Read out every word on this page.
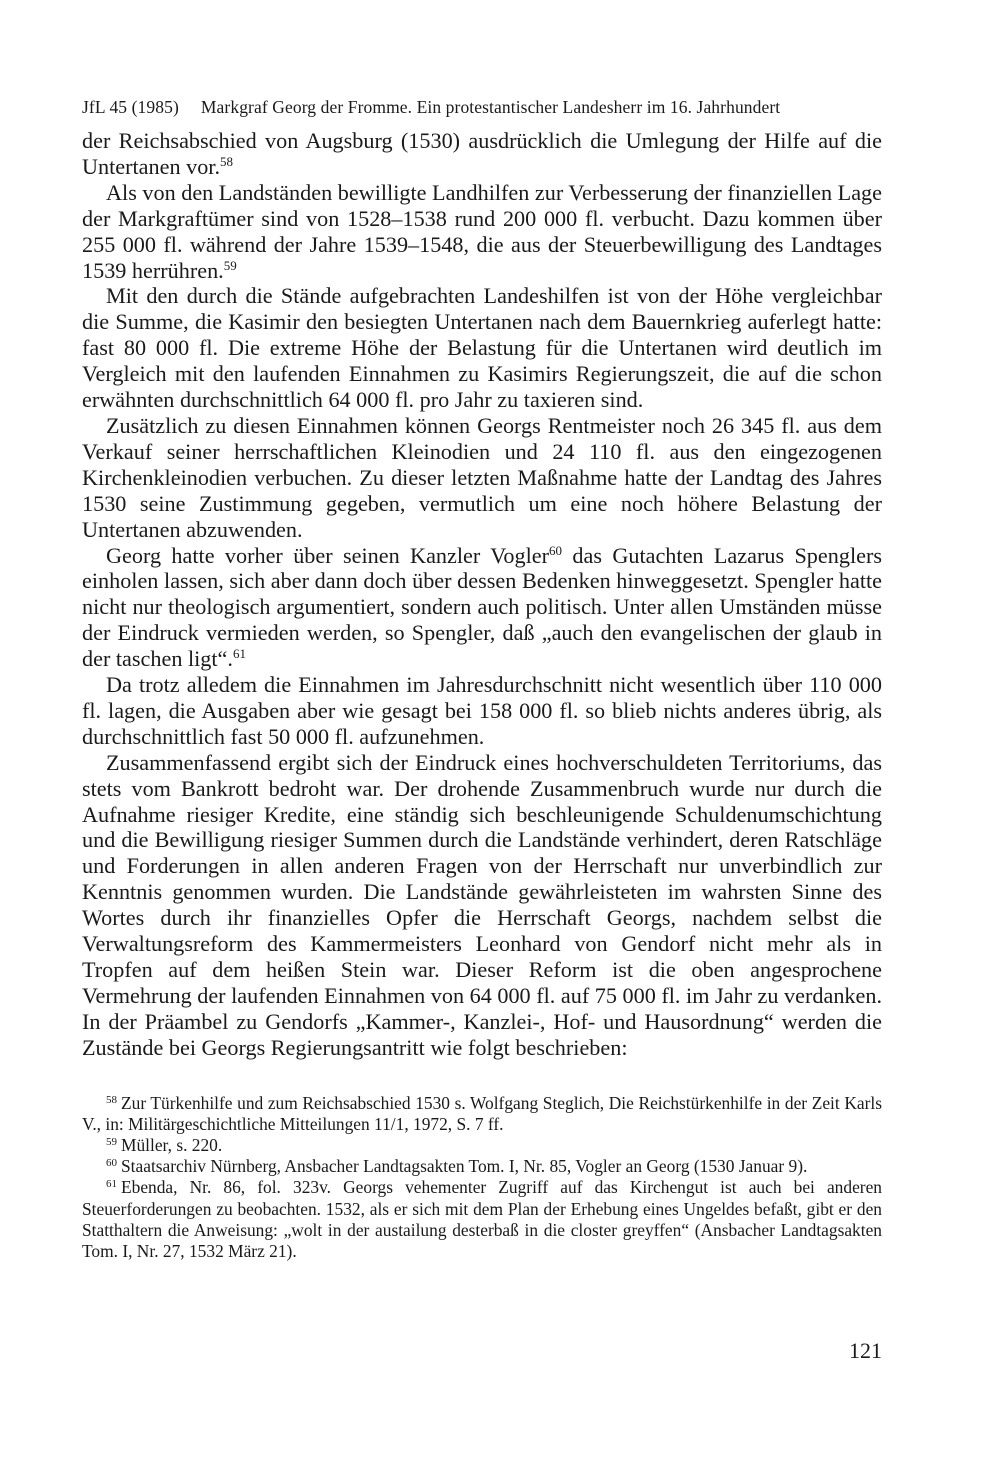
JfL 45 (1985) Markgraf Georg der Fromme. Ein protestantischer Landesherr im 16. Jahrhundert

der Reichsabschied von Augsburg (1530) ausdrücklich die Umlegung der Hilfe auf die Untertanen vor.$^{58}$

Als von den Landständen bewilligte Landhilfen zur Verbesserung der finanziellen Lage der Markgraftümer sind von 1528–1538 rund 200 000 fl. verbucht. Dazu kommen über 255 000 fl. während der Jahre 1539–1548, die aus der Steuerbewilligung des Landtages 1539 herrühren.$^{59}$

Mit den durch die Stände aufgebrachten Landeshilfen ist von der Höhe vergleichbar die Summe, die Kasimir den besiegten Untertanen nach dem Bauernkrieg auferlegt hatte: fast 80 000 fl. Die extreme Höhe der Belastung für die Untertanen wird deutlich im Vergleich mit den laufenden Einnahmen zu Kasimirs Regierungszeit, die auf die schon erwähnten durchschnittlich 64 000 fl. pro Jahr zu taxieren sind.

Zusätzlich zu diesen Einnahmen können Georgs Rentmeister noch 26 345 fl. aus dem Verkauf seiner herrschaftlichen Kleinodien und 24 110 fl. aus den eingezogenen Kirchenkleinodien verbuchen. Zu dieser letzten Maßnahme hatte der Landtag des Jahres 1530 seine Zustimmung gegeben, vermutlich um eine noch höhere Belastung der Untertanen abzuwenden.

Georg hatte vorher über seinen Kanzler Vogler$^{60}$ das Gutachten Lazarus Spenglers einholen lassen, sich aber dann doch über dessen Bedenken hinweggesetzt. Spengler hatte nicht nur theologisch argumentiert, sondern auch politisch. Unter allen Umständen müsse der Eindruck vermieden werden, so Spengler, daß „auch den evangelischen der glaub in der taschen ligt“.$^{61}$

Da trotz alledem die Einnahmen im Jahresdurchschnitt nicht wesentlich über 110 000 fl. lagen, die Ausgaben aber wie gesagt bei 158 000 fl. so blieb nichts anderes übrig, als durchschnittlich fast 50 000 fl. aufzunehmen.

Zusammenfassend ergibt sich der Eindruck eines hochverschuldeten Territoriums, das stets vom Bankrott bedroht war. Der drohende Zusammenbruch wurde nur durch die Aufnahme riesiger Kredite, eine ständig sich beschleunigende Schuldenumschichtung und die Bewilligung riesiger Summen durch die Landstände verhindert, deren Ratschläge und Forderungen in allen anderen Fragen von der Herrschaft nur unverbindlich zur Kenntnis genommen wurden. Die Landstände gewährleisteten im wahrsten Sinne des Wortes durch ihr finanzielles Opfer die Herrschaft Georgs, nachdem selbst die Verwaltungsreform des Kammermeisters Leonhard von Gendorf nicht mehr als in Tropfen auf dem heißen Stein war. Dieser Reform ist die oben angesprochene Vermehrung der laufenden Einnahmen von 64 000 fl. auf 75 000 fl. im Jahr zu verdanken. In der Präambel zu Gendorfs „Kammer-, Kanzlei-, Hof- und Hausordnung“ werden die Zustände bei Georgs Regierungsantritt wie folgt beschrieben:

$^{58}$ Zur Türkenhilfe und zum Reichsabschied 1530 s. Wolfgang Steglich, Die Reichstürkenhilfe in der Zeit Karls V., in: Militärgeschichtliche Mitteilungen 11/1, 1972, S. 7 ff.

$^{59}$ Müller, s. 220.

$^{60}$ Staatsarchiv Nürnberg, Ansbacher Landtagsakten Tom. I, Nr. 85, Vogler an Georg (1530 Januar 9).

$^{61}$ Ebenda, Nr. 86, fol. 323v. Georgs vehementer Zugriff auf das Kirchengut ist auch bei anderen Steuerforderungen zu beobachten. 1532, als er sich mit dem Plan der Erhebung eines Ungeldes befaßt, gibt er den Statthaltern die Anweisung: „wolt in der austailung desterbaß in die closter greyffen“ (Ansbacher Landtagsakten Tom. I, Nr. 27, 1532 März 21).

121
